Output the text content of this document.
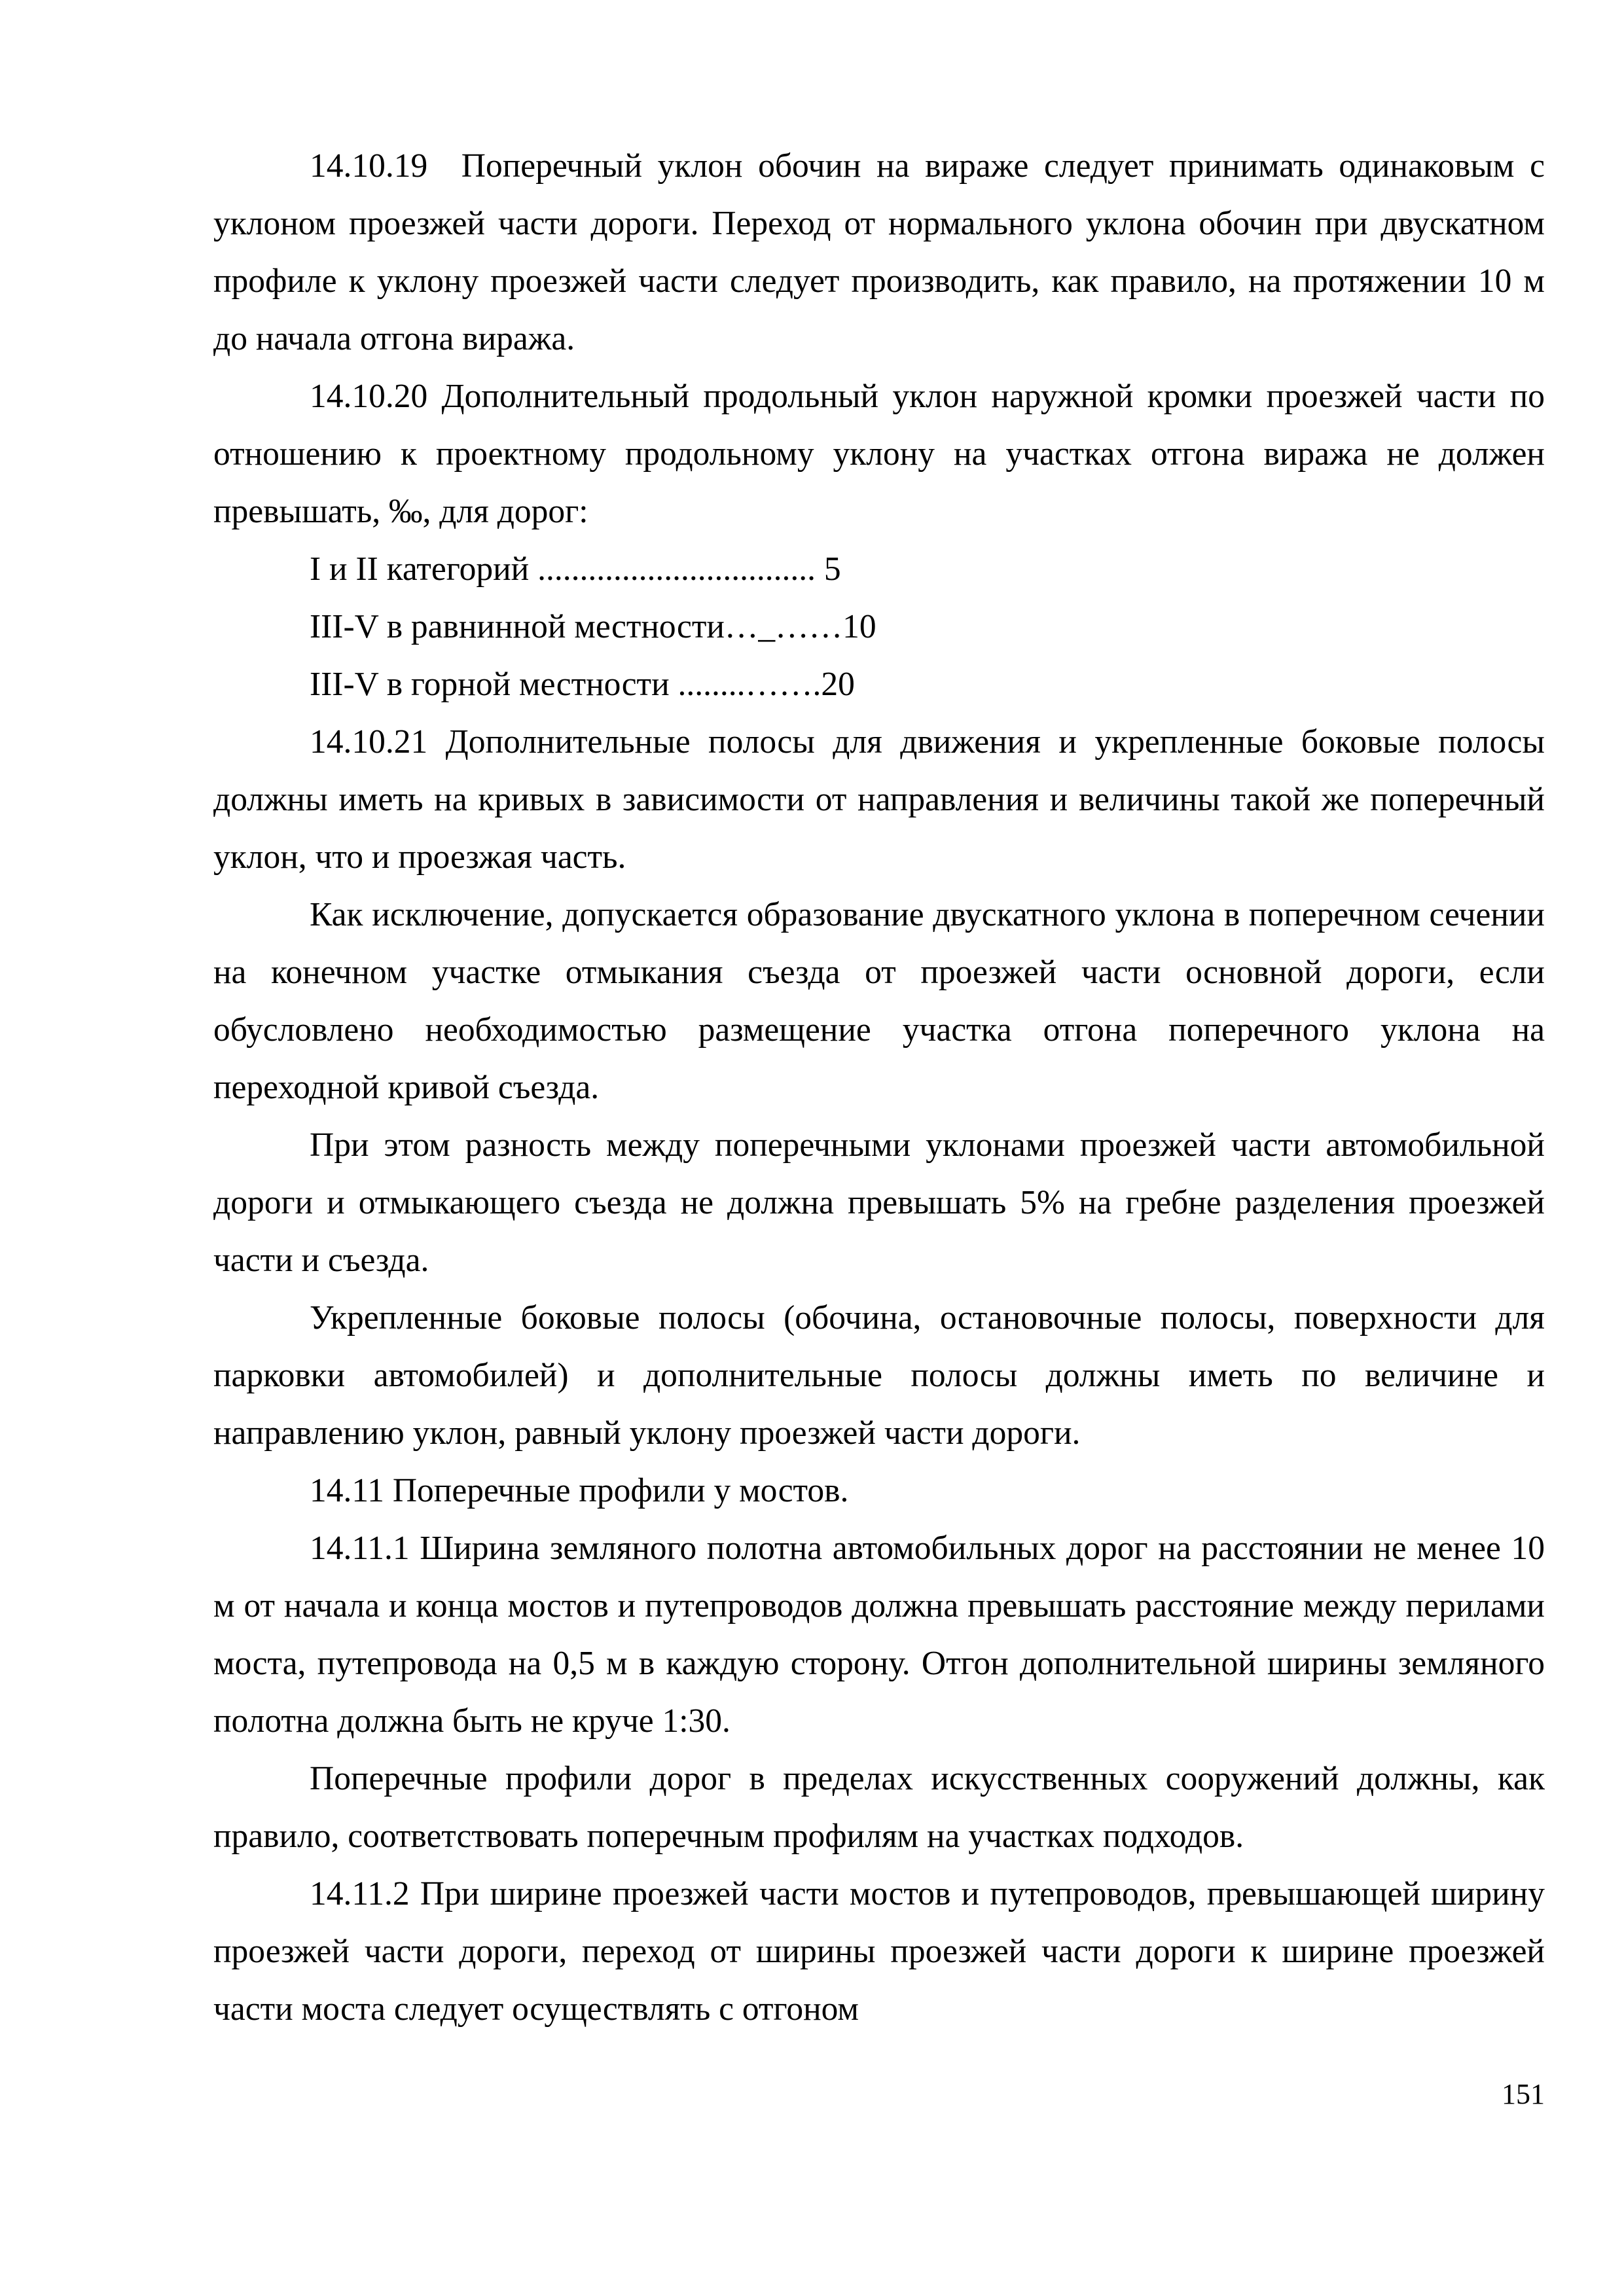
14.10.19 Поперечный уклон обочин на вираже следует принимать одинаковым с уклоном проезжей части дороги. Переход от нормального уклона обочин при двускатном профиле к уклону проезжей части следует производить, как правило, на протяжении 10 м до начала отгона виража.

14.10.20 Дополнительный продольный уклон наружной кромки проезжей части по отношению к проектному продольному уклону на участках отгона виража не должен превышать, ‰, для дорог:

I и II категорий ................................. 5

III-V в равнинной местности…_……10

III-V в горной местности ........…….20

14.10.21 Дополнительные полосы для движения и укрепленные боковые полосы должны иметь на кривых в зависимости от направления и величины такой же поперечный уклон, что и проезжая часть.

Как исключение, допускается образование двускатного уклона в поперечном сечении на конечном участке отмыкания съезда от проезжей части основной дороги, если обусловлено необходимостью размещение участка отгона поперечного уклона на переходной кривой съезда.

При этом разность между поперечными уклонами проезжей части автомобильной дороги и отмыкающего съезда не должна превышать 5% на гребне разделения проезжей части и съезда.

Укрепленные боковые полосы (обочина, остановочные полосы, поверхности для парковки автомобилей) и дополнительные полосы должны иметь по величине и направлению уклон, равный уклону проезжей части дороги.

14.11 Поперечные профили у мостов.

14.11.1 Ширина земляного полотна автомобильных дорог на расстоянии не менее 10 м от начала и конца мостов и путепроводов должна превышать расстояние между перилами моста, путепровода на 0,5 м в каждую сторону. Отгон дополнительной ширины земляного полотна должна быть не круче 1:30.

Поперечные профили дорог в пределах искусственных сооружений должны, как правило, соответствовать поперечным профилям на участках подходов.

14.11.2 При ширине проезжей части мостов и путепроводов, превышающей ширину проезжей части дороги, переход от ширины проезжей части дороги к ширине проезжей части моста следует осуществлять с отгоном

151
